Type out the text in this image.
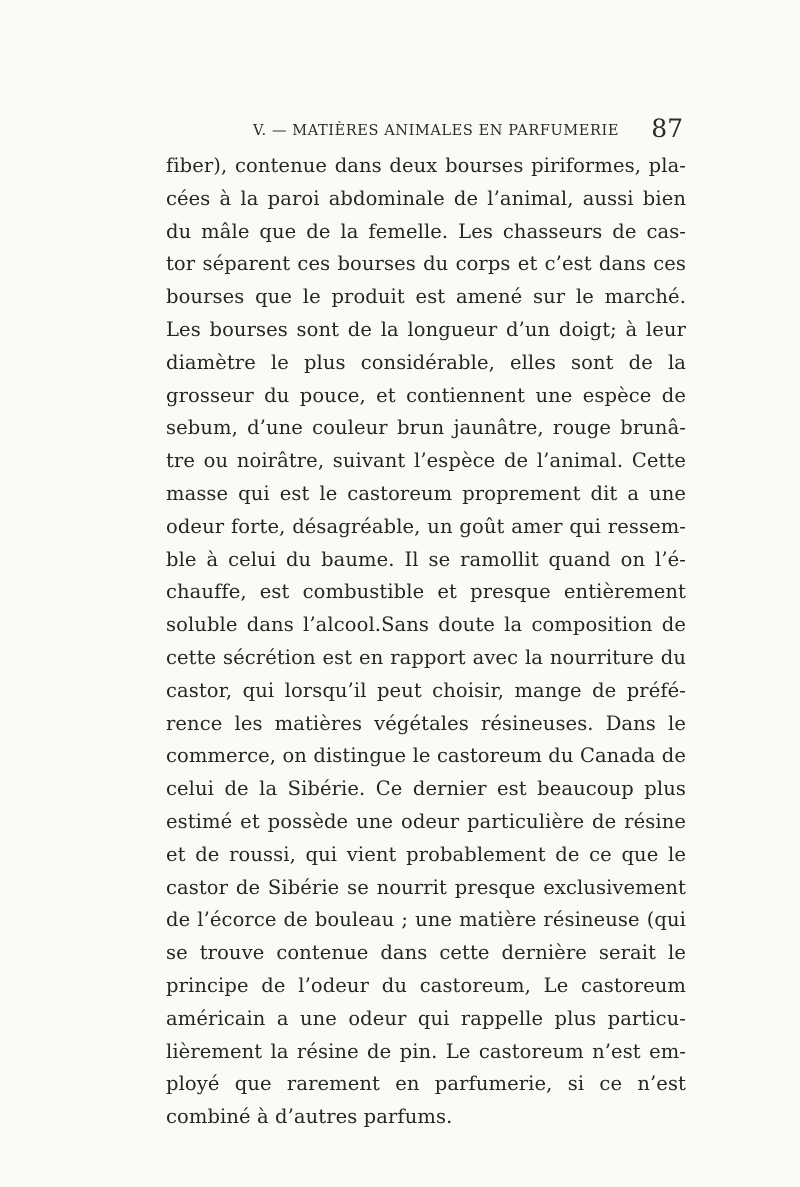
V. — MATIÈRES ANIMALES EN PARFUMERIE 87
fiber), contenue dans deux bourses piriformes, pla-
cées à la paroi abdominale de l’animal, aussi bien
du mâle que de la femelle. Les chasseurs de cas-
tor séparent ces bourses du corps et c’est dans ces
bourses que le produit est amené sur le marché.
Les bourses sont de la longueur d’un doigt; à leur
diamètre le plus considérable, elles sont de la
grosseur du pouce, et contiennent une espèce de
sebum, d’une couleur brun jaunâtre, rouge brunâ-
tre ou noirâtre, suivant l’espèce de l’animal. Cette
masse qui est le castoreum proprement dit a une
odeur forte, désagréable, un goût amer qui ressem-
ble à celui du baume. Il se ramollit quand on l’é-
chauffe, est combustible et presque entièrement
soluble dans l’alcool.Sans doute la composition de
cette sécrétion est en rapport avec la nourriture du
castor, qui lorsqu’il peut choisir, mange de préfé-
rence les matières végétales résineuses. Dans le
commerce, on distingue le castoreum du Canada de
celui de la Sibérie. Ce dernier est beaucoup plus
estimé et possède une odeur particulière de résine
et de roussi, qui vient probablement de ce que le
castor de Sibérie se nourrit presque exclusivement
de l’écorce de bouleau ; une matière résineuse (qui
se trouve contenue dans cette dernière serait le
principe de l’odeur du castoreum, Le castoreum
américain a une odeur qui rappelle plus particu-
lièrement la résine de pin. Le castoreum n’est em-
ployé que rarement en parfumerie, si ce n’est
combiné à d’autres parfums.
